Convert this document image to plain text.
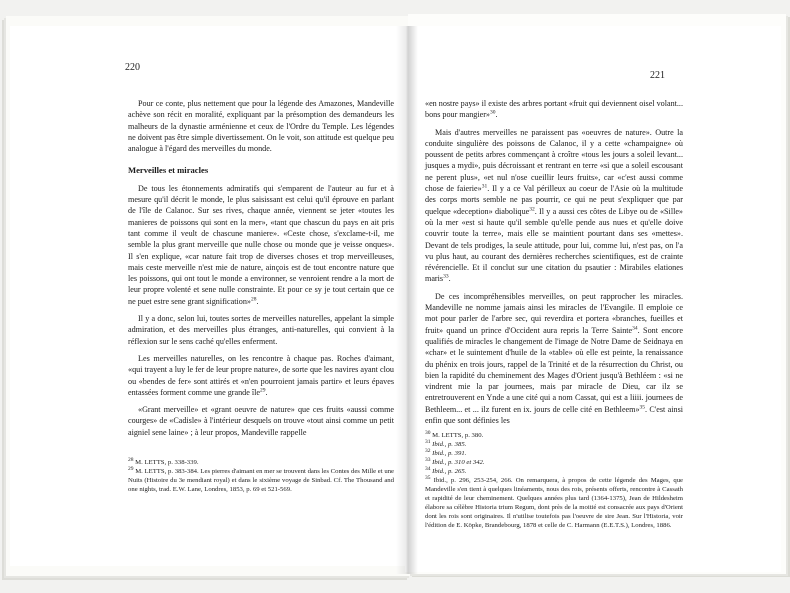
220

Pour ce conte, plus nettement que pour la légende des Amazones, Mandeville achève son récit en moralité, expliquant par la présomption des demandeurs les malheurs de la dynastie arménienne et ceux de l'Ordre du Temple. Les légendes ne doivent pas être simple divertissement. On le voit, son attitude est quelque peu analogue à l'égard des merveilles du monde.

Merveilles et miracles

De tous les étonnements admiratifs qui s'emparent de l'auteur au fur et à mesure qu'il décrit le monde, le plus saisissant est celui qu'il éprouve en parlant de l'île de Calanoc. Sur ses rives, chaque année, viennent se jeter «toutes les manieres de poissons qui sont en la mer», «tant que chascun du pays en ait pris tant comme il veult de chascune maniere». «Ceste chose, s'exclame-t-il, me semble la plus grant merveille que nulle chose ou monde que je veisse onques». Il s'en explique, «car nature fait trop de diverses choses et trop merveilleuses, mais ceste merveille n'est mie de nature, ainçois est de tout encontre nature que les poissons, qui ont tout le monde a environner, se venroient rendre a la mort de leur propre volenté et sene nulle constrainte. Et pour ce sy je tout certain que ce ne puet estre sene grant signification»$^{28}$.

Il y a donc, selon lui, toutes sortes de merveilles naturelles, appelant la simple admiration, et des merveilles plus étranges, anti-naturelles, qui convient à la réflexion sur le sens caché qu'elles enferment.

Les merveilles naturelles, on les rencontre à chaque pas. Roches d'aimant, «qui trayent a luy le fer de leur propre nature», de sorte que les navires ayant clou ou «bendes de fer» sont attirés et «n'en pourroient jamais partir» et leurs épaves entassées forment comme une grande île$^{29}$.

«Grant merveille» et «grant oeuvre de nature» que ces fruits «aussi comme courges» de «Cadisle» à l'intérieur desquels on trouve «tout ainsi comme un petit aigniel sene laine» ; à leur propos, Mandeville rappelle

$^{28}$ M. LETTS, p. 338-339.
$^{29}$ M. LETTS, p. 383-384. Les pierres d'aimant en mer se trouvent dans les Contes des Mille et une Nuits (Histoire du 3e mendiant royal) et dans le sixième voyage de Sinbad. Cf. The Thousand and one nights, trad. E.W. Lane, Londres, 1853, p. 69 et 521-569.
221

«en nostre pays» il existe des arbres portant «fruit qui deviennent oisel volant... bons pour mangier»$^{30}$.

Mais d'autres merveilles ne paraissent pas «oeuvres de nature». Outre la conduite singulière des poissons de Calanoc, il y a cette «champaigne» où poussent de petits arbres commençant à croître «tous les jours a soleil levant... jusques a mydi», puis décroissant et rentrant en terre «si que a soleil escousant ne perent plus», «et nul n'ose cueillir leurs fruits», car «c'est aussi comme chose de faierie»$^{31}$. Il y a ce Val périlleux au coeur de l'Asie où la multitude des corps morts semble ne pas pourrir, ce qui ne peut s'expliquer que par quelque «deception» diabolique$^{32}$. Il y a aussi ces côtes de Libye ou de «Sille» où la mer «est si haute qu'il semble qu'elle pende aus nues et qu'elle doive couvrir toute la terre», mais elle se maintient pourtant dans ses «mettes». Devant de tels prodiges, la seule attitude, pour lui, comme lui, n'est pas, on l'a vu plus haut, au courant des dernières recherches scientifiques, est de crainte révérencielle. Et il conclut sur une citation du psautier : Mirabiles elationes maris$^{33}$.

De ces incompréhensibles merveilles, on peut rapprocher les miracles. Mandeville ne nomme jamais ainsi les miracles de l'Evangile. Il emploie ce mot pour parler de l'arbre sec, qui reverdira et portera «branches, fueilles et fruit» quand un prince d'Occident aura repris la Terre Sainte$^{34}$. Sont encore qualifiés de miracles le changement de l'image de Notre Dame de Seidnaya en «char» et le suintement d'huile de la «table» où elle est peinte, la renaissance du phénix en trois jours, rappel de la Trinité et de la résurrection du Christ, ou bien la rapidité du cheminement des Mages d'Orient jusqu'à Bethléem : «si ne vindrent mie la par journees, mais par miracle de Dieu, car ilz se entretrouverent en Ynde a une cité qui a nom Cassat, qui est a liiii. journees de Bethleem... et ... ilz furent en ix. jours de celle cité en Bethleem»$^{35}$. C'est ainsi enfin que sont définies les

$^{30}$ M. LETTS, p. 380.
$^{31}$ Ibid., p. 385.
$^{32}$ Ibid., p. 391.
$^{33}$ Ibid., p. 310 et 342.
$^{34}$ Ibid., p. 265.
$^{35}$ Ibid., p. 296, 253-254, 266. On remarquera, à propos de cette légende des Mages, que Mandeville s'en tient à quelques linéaments, nous des rois, présents offerts, rencontre à Cassath et rapidité de leur cheminement. Quelques années plus tard (1364-1375), Jean de Hildesheim élabore sa célèbre Historia trium Regum, dont près de la moitié est consacrée aux pays d'Orient dont les rois sont originaires. Il n'utilise toutefois pas l'oeuvre de sire Jean. Sur l'Historia, voir l'édition de E. Köpke, Brandebourg, 1878 et celle de C. Harmann (E.E.T.S.), Londres, 1886.
